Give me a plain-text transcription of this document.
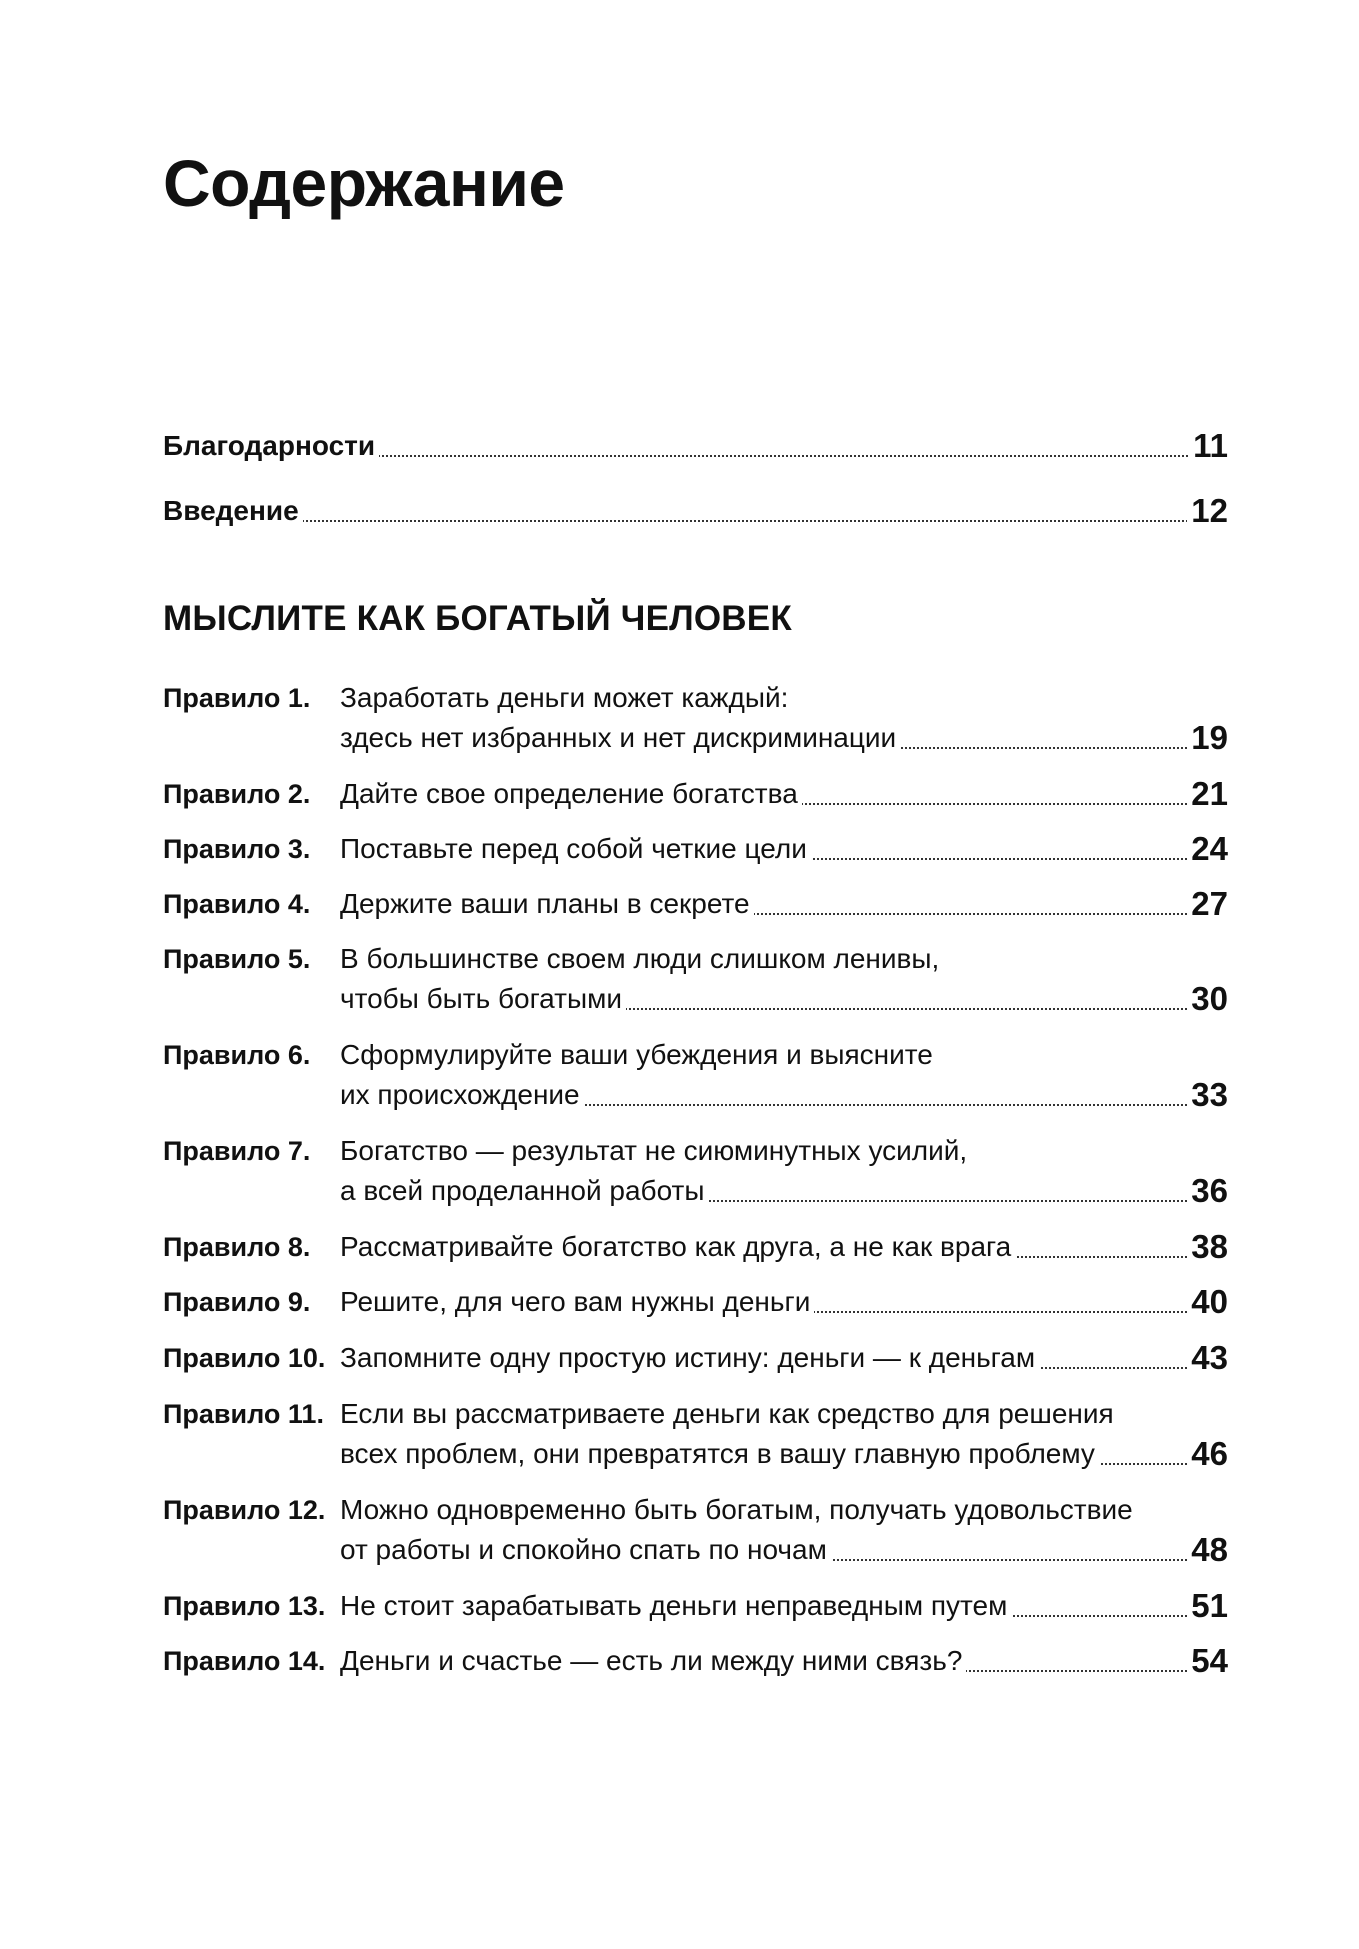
Содержание
Благодарности	11
Введение	12
МЫСЛИТЕ КАК БОГАТЫЙ ЧЕЛОВЕК
Правило 1. Заработать деньги может каждый:
здесь нет избранных и нет дискриминации	19
Правило 2. Дайте свое определение богатства	21
Правило 3. Поставьте перед собой четкие цели	24
Правило 4. Держите ваши планы в секрете	27
Правило 5. В большинстве своем люди слишком ленивы,
чтобы быть богатыми	30
Правило 6. Сформулируйте ваши убеждения и выясните
их происхождение	33
Правило 7. Богатство — результат не сиюминутных усилий,
а всей проделанной работы	36
Правило 8. Рассматривайте богатство как друга, а не как врага	38
Правило 9. Решите, для чего вам нужны деньги	40
Правило 10. Запомните одну простую истину: деньги — к деньгам	43
Правило 11. Если вы рассматриваете деньги как средство для решения
всех проблем, они превратятся в вашу главную проблему	46
Правило 12. Можно одновременно быть богатым, получать удовольствие
от работы и спокойно спать по ночам	48
Правило 13. Не стоит зарабатывать деньги неправедным путем	51
Правило 14. Деньги и счастье — есть ли между ними связь?	54
